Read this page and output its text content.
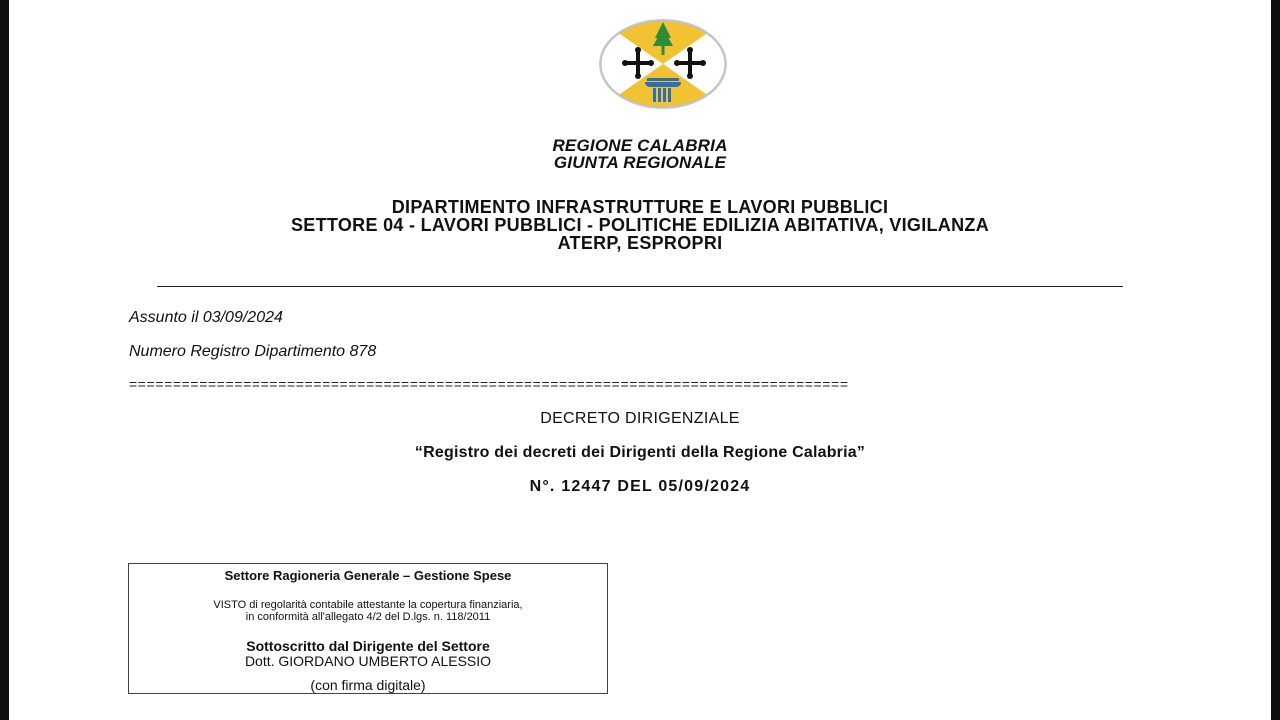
REGIONE CALABRIA
GIUNTA REGIONALE
DIPARTIMENTO INFRASTRUTTURE E LAVORI PUBBLICI
SETTORE 04 - LAVORI PUBBLICI - POLITICHE EDILIZIA ABITATIVA, VIGILANZA
ATERP, ESPROPRI
Assunto il 03/09/2024
Numero Registro Dipartimento 878
==================================================================================
DECRETO DIRIGENZIALE
“Registro dei decreti dei Dirigenti della Regione Calabria”
N°. 12447 DEL 05/09/2024
Settore Ragioneria Generale – Gestione Spese
VISTO di regolarità contabile attestante la copertura finanziaria,
in conformità all'allegato 4/2 del D.lgs. n. 118/2011
Sottoscritto dal Dirigente del Settore
Dott. GIORDANO UMBERTO ALESSIO
(con firma digitale)
